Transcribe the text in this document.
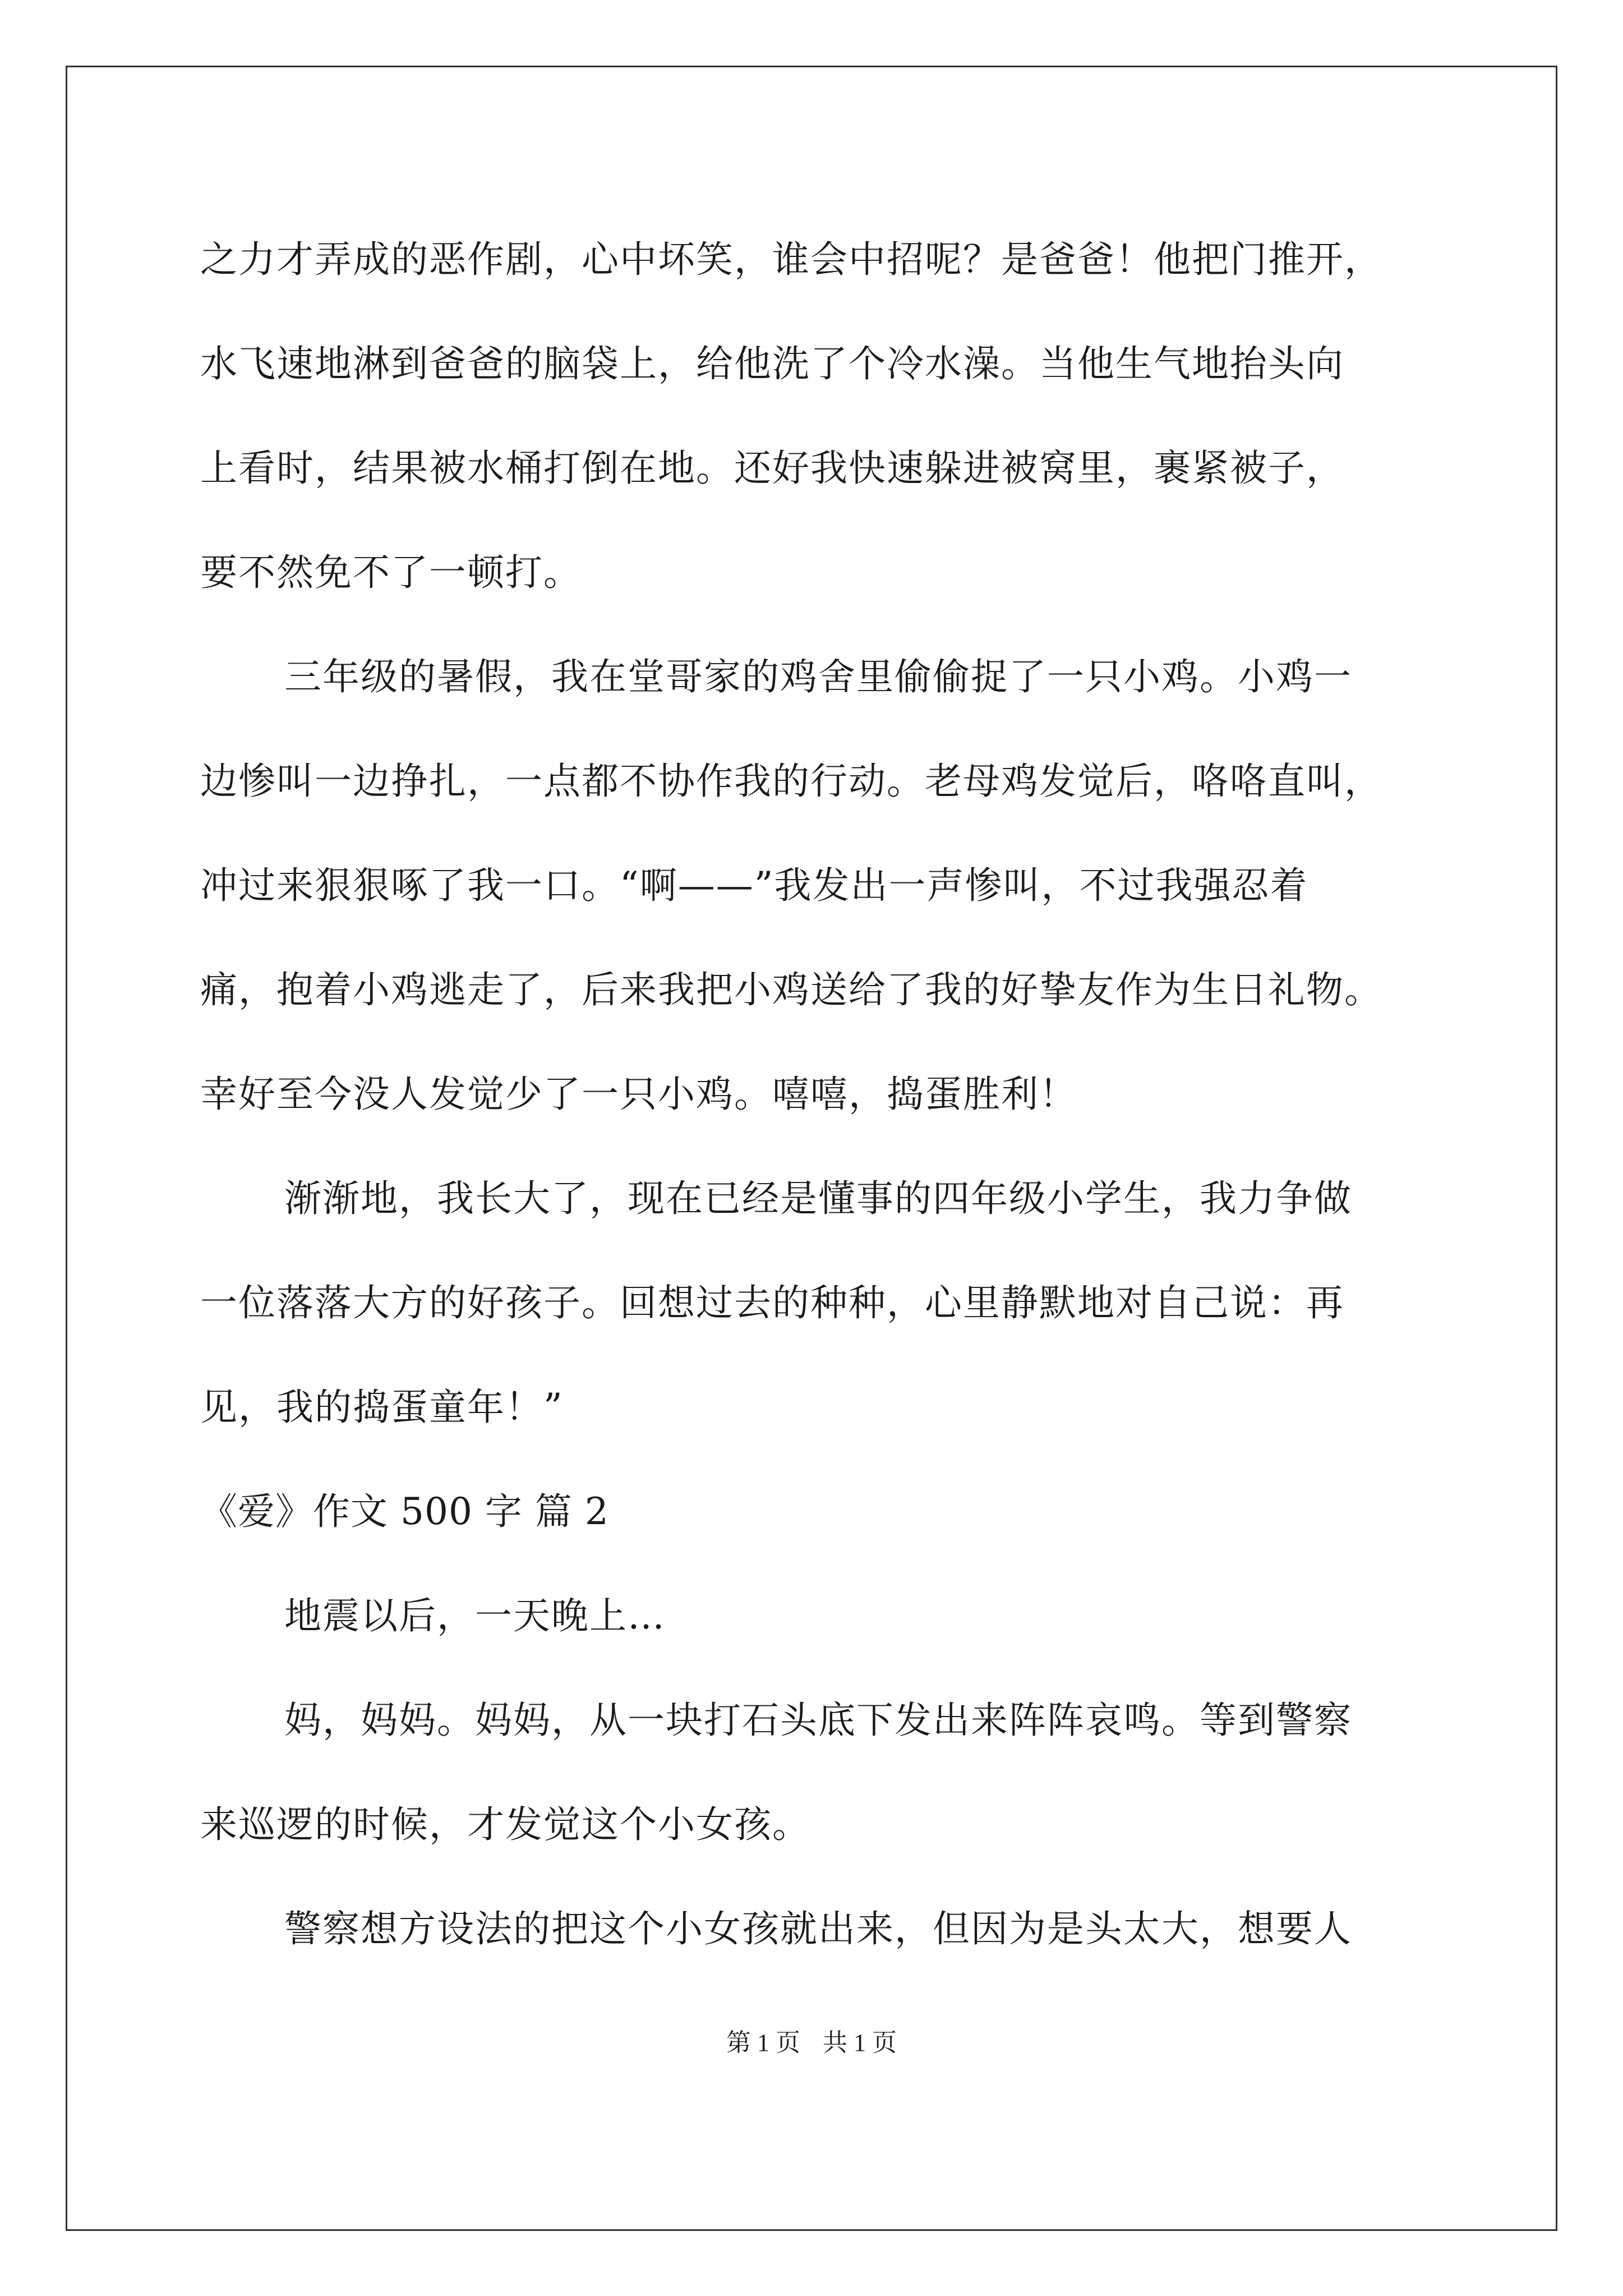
之力才弄成的恶作剧，心中坏笑，谁会中招呢？是爸爸！他把门推开，
水飞速地淋到爸爸的脑袋上，给他洗了个冷水澡。当他生气地抬头向
上看时，结果被水桶打倒在地。还好我快速躲进被窝里，裹紧被子，
要不然免不了一顿打。
三年级的暑假，我在堂哥家的鸡舍里偷偷捉了一只小鸡。小鸡一
边惨叫一边挣扎，一点都不协作我的行动。老母鸡发觉后，咯咯直叫，
冲过来狠狠啄了我一口。“啊——”我发出一声惨叫，不过我强忍着
痛，抱着小鸡逃走了，后来我把小鸡送给了我的好挚友作为生日礼物。
幸好至今没人发觉少了一只小鸡。嘻嘻，捣蛋胜利！
渐渐地，我长大了，现在已经是懂事的四年级小学生，我力争做
一位落落大方的好孩子。回想过去的种种，心里静默地对自己说：再
见，我的捣蛋童年！”
《爱》作文 500 字 篇 2
地震以后，一天晚上…
妈，妈妈。妈妈，从一块打石头底下发出来阵阵哀鸣。等到警察
来巡逻的时候，才发觉这个小女孩。
警察想方设法的把这个小女孩就出来，但因为是头太大，想要人
第 1 页 共 1 页
